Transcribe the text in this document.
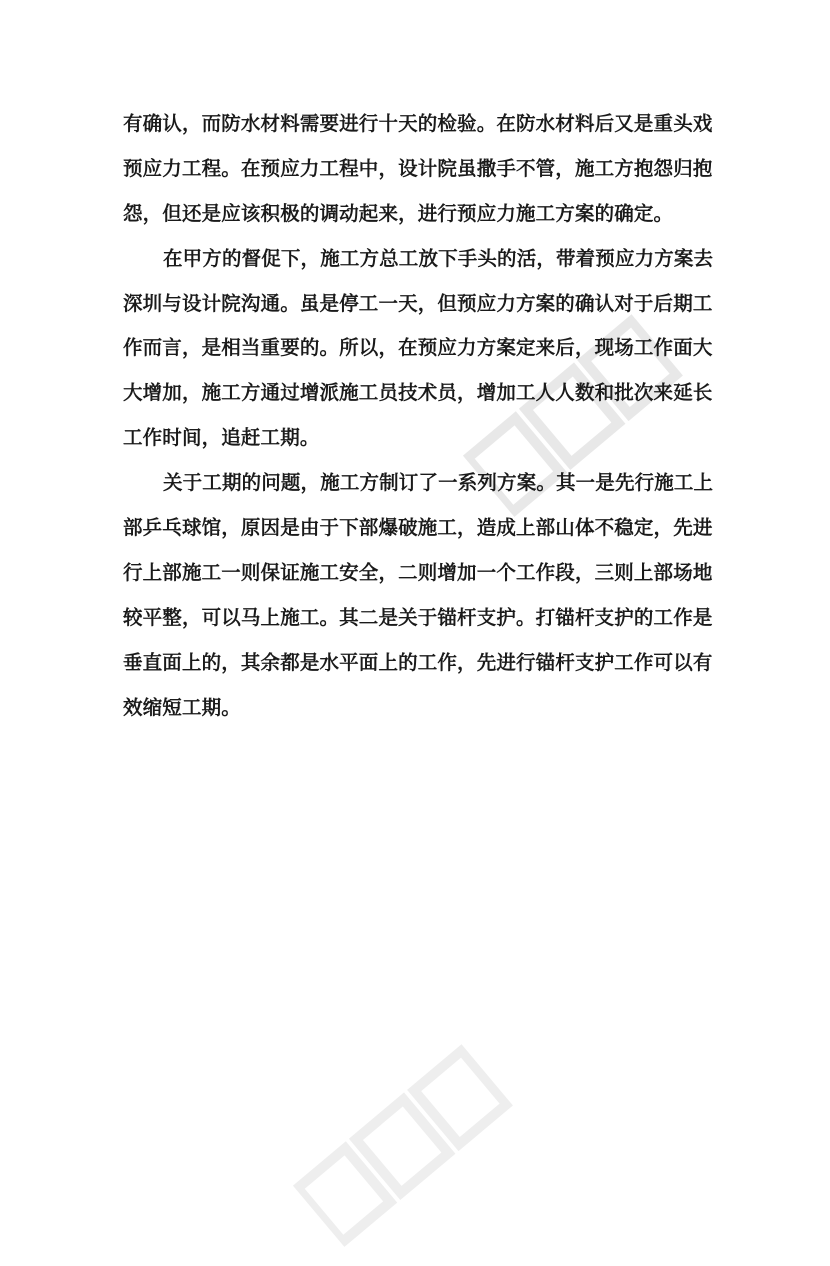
有确认，而防水材料需要进行十天的检验。在防水材料后又是重头戏
预应力工程。在预应力工程中，设计院虽撒手不管，施工方抱怨归抱
怨，但还是应该积极的调动起来，进行预应力施工方案的确定。
在甲方的督促下，施工方总工放下手头的活，带着预应力方案去
深圳与设计院沟通。虽是停工一天，但预应力方案的确认对于后期工
作而言，是相当重要的。所以，在预应力方案定来后，现场工作面大
大增加，施工方通过增派施工员技术员，增加工人人数和批次来延长
工作时间，追赶工期。
关于工期的问题，施工方制订了一系列方案。其一是先行施工上
部乒乓球馆，原因是由于下部爆破施工，造成上部山体不稳定，先进
行上部施工一则保证施工安全，二则增加一个工作段，三则上部场地
较平整，可以马上施工。其二是关于锚杆支护。打锚杆支护的工作是
垂直面上的，其余都是水平面上的工作，先进行锚杆支护工作可以有
效缩短工期。
